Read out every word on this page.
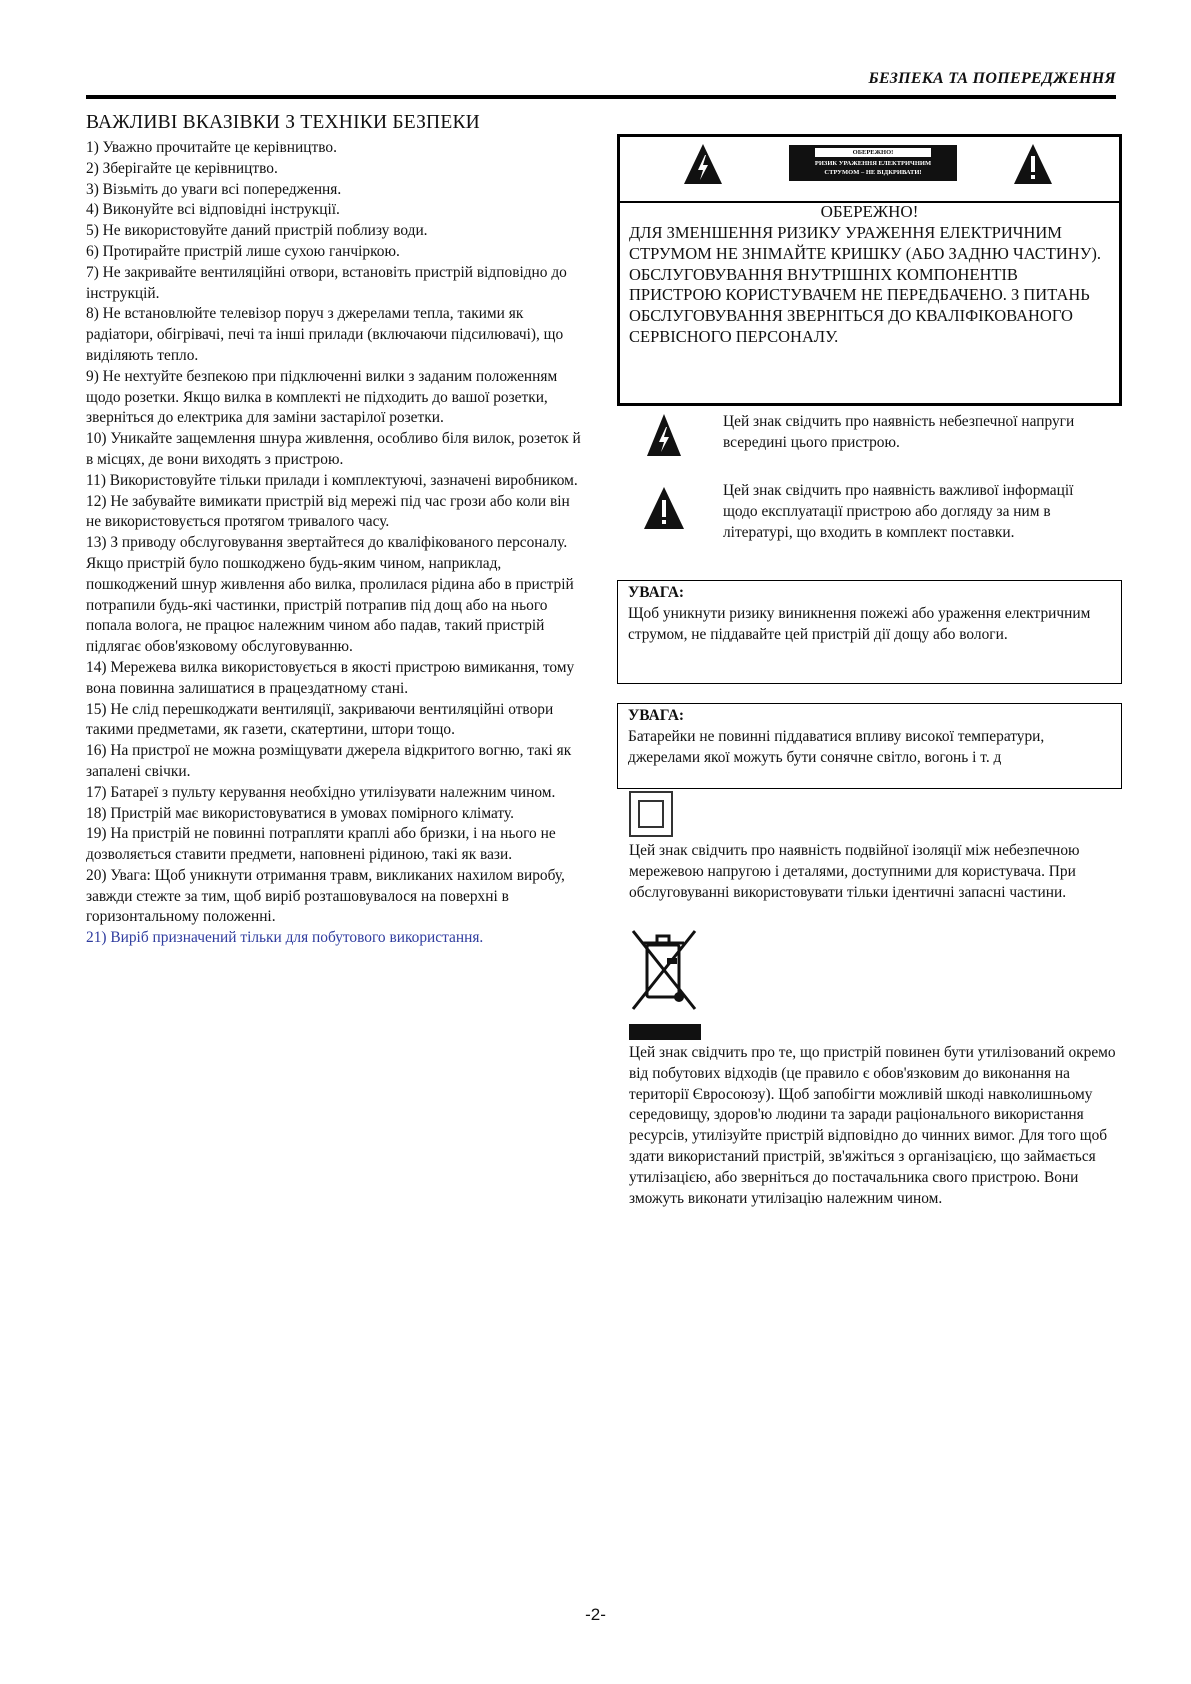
БЕЗПЕКА ТА ПОПЕРЕДЖЕННЯ
ВАЖЛИВІ ВКАЗІВКИ З ТЕХНІКИ БЕЗПЕКИ

1) Уважно прочитайте це керівництво.

2) Зберігайте це керівництво.

3) Візьміть до уваги всі попередження.

4) Виконуйте всі відповідні інструкції.

5) Не використовуйте даний пристрій поблизу води.

6) Протирайте пристрій лише сухою ганчіркою.

7) Не закривайте вентиляційні отвори, встановіть пристрій відповідно до інструкцій.

8) Не встановлюйте телевізор поруч з джерелами тепла, такими як радіатори, обігрівачі, печі та інші прилади (включаючи підсилювачі), що виділяють тепло.

9) Не нехтуйте безпекою при підключенні вилки з заданим положенням щодо розетки. Якщо вилка в комплекті не підходить до вашої розетки, зверніться до електрика для заміни застарілої розетки.

10) Уникайте защемлення шнура живлення, особливо біля вилок, розеток й в місцях, де вони виходять з пристрою.

11) Використовуйте тільки прилади і комплектуючі, зазначені виробником.

12) Не забувайте вимикати пристрій від мережі під час грози або коли він не використовується протягом тривалого часу.

13) З приводу обслуговування звертайтеся до кваліфікованого персоналу. Якщо пристрій було пошкоджено будь-яким чином, наприклад, пошкоджений шнур живлення або вилка, пролилася рідина або в пристрій потрапили будь-які частинки, пристрій потрапив під дощ або на нього попала волога, не працює належним чином або падав, такий пристрій підлягає обов'язковому обслуговуванню.

14) Мережева вилка використовується в якості пристрою вимикання, тому вона повинна залишатися в працездатному стані.

15) Не слід перешкоджати вентиляції, закриваючи вентиляційні отвори такими предметами, як газети, скатертини, штори тощо.

16) На пристрої не можна розміщувати джерела відкритого вогню, такі як запалені свічки.

17) Батареї з пульту керування необхідно утилізувати належним чином.

18) Пристрій має використовуватися в умовах помірного клімату.

19) На пристрій не повинні потрапляти краплі або бризки, і на нього не дозволяється ставити предмети, наповнені рідиною, такі як вази.

20) Увага: Щоб уникнути отримання травм, викликаних нахилом виробу, завжди стежте за тим, щоб виріб розташовувалося на поверхні в горизонтальному положенні.

21) Виріб призначений тільки для побутового використання.

ОБЕРЕЖНО!
РИЗИК УРАЖЕННЯ ЕЛЕКТРИЧНИМ
СТРУМОМ – НЕ ВІДКРИВАТИ!
ОБЕРЕЖНО!
ДЛЯ ЗМЕНШЕННЯ РИЗИКУ УРАЖЕННЯ ЕЛЕКТРИЧНИМ СТРУМОМ НЕ ЗНІМАЙТЕ КРИШКУ (АБО ЗАДНЮ ЧАСТИНУ). ОБСЛУГОВУВАННЯ ВНУТРІШНІХ КОМПОНЕНТІВ ПРИСТРОЮ КОРИСТУВАЧЕМ НЕ ПЕРЕДБАЧЕНО. З ПИТАНЬ ОБСЛУГОВУВАННЯ ЗВЕРНІТЬСЯ ДО КВАЛІФІКОВАНОГО СЕРВІСНОГО ПЕРСОНАЛУ.
Цей знак свідчить про наявність небезпечної напруги всередині цього пристрою.
Цей знак свідчить про наявність важливої інформації щодо експлуатації пристрою або догляду за ним в літературі, що входить в комплект поставки.
УВАГА:
Щоб уникнути ризику виникнення пожежі або ураження електричним струмом, не піддавайте цей пристрій дії дощу або вологи.
УВАГА:
Батарейки не повинні піддаватися впливу високої температури, джерелами якої можуть бути сонячне світло, вогонь і т. д
Цей знак свідчить про наявність подвійної ізоляції між небезпечною мережевою напругою і деталями, доступними для користувача. При обслуговуванні використовувати тільки ідентичні запасні частини.
Цей знак свідчить про те, що пристрій повинен бути утилізований окремо від побутових відходів (це правило є обов'язковим до виконання на території Євросоюзу). Щоб запобігти можливій шкоді навколишньому середовищу, здоров'ю людини та заради раціонального використання ресурсів, утилізуйте пристрій відповідно до чинних вимог. Для того щоб здати використаний пристрій, зв'яжіться з організацією, що займається утилізацією, або зверніться до постачальника свого пристрою. Вони зможуть виконати утилізацію належним чином.
-2-
